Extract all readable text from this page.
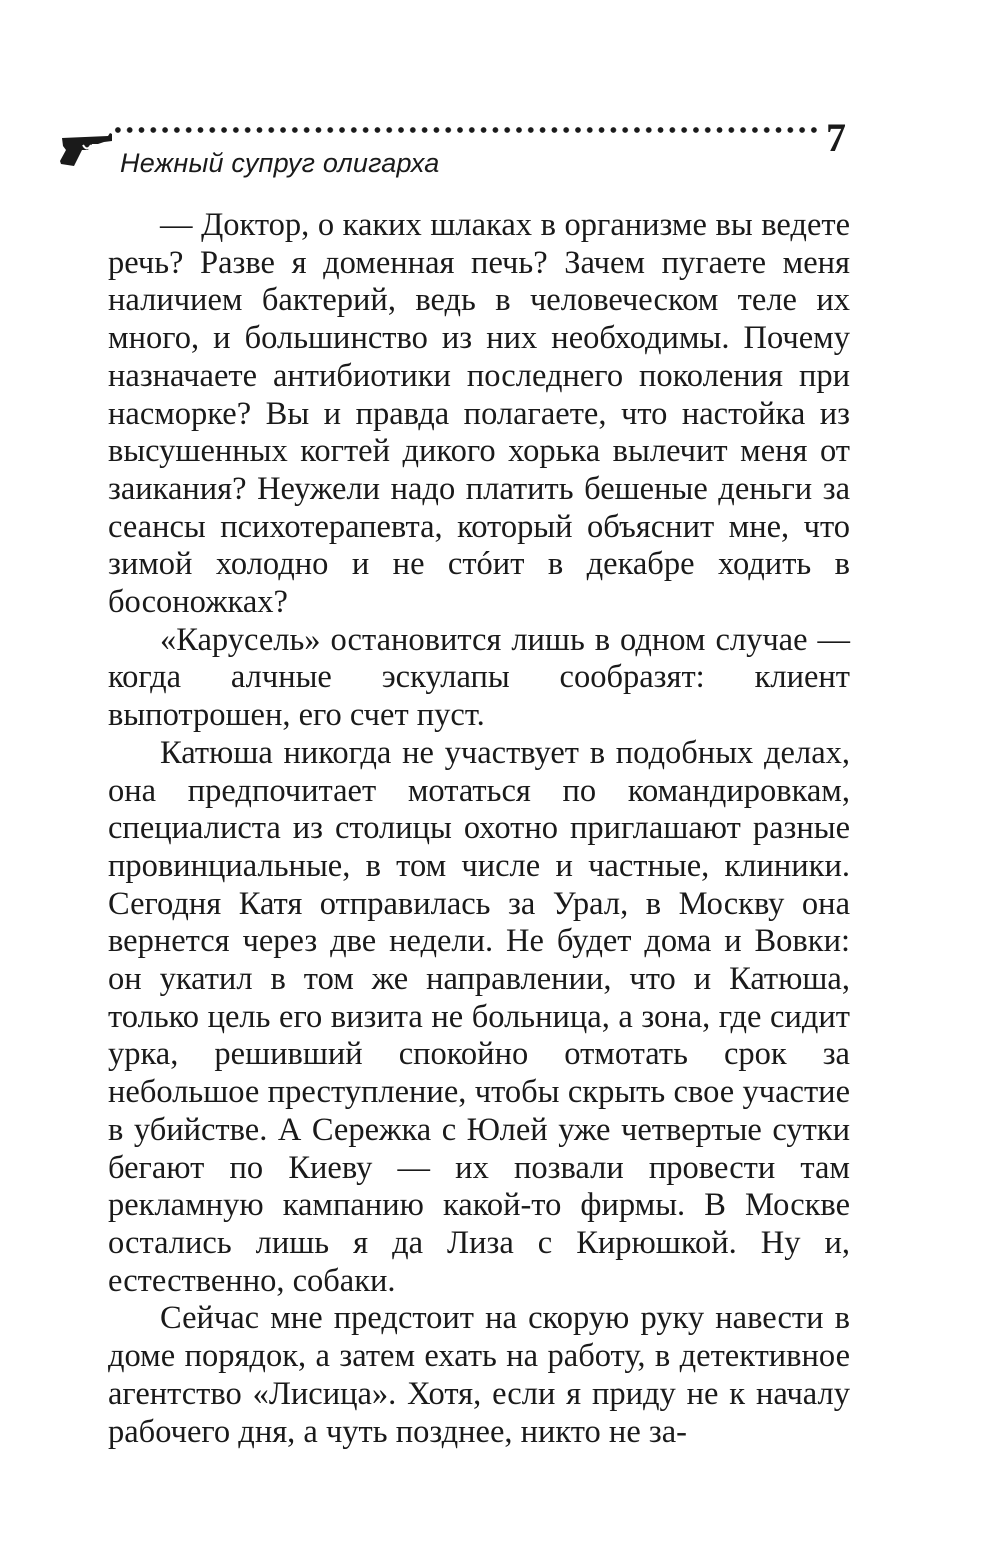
Нежный супруг олигарха
7

— Доктор, о каких шлаках в организме вы ведете речь? Разве я доменная печь? Зачем пугаете меня наличием бактерий, ведь в человеческом теле их много, и большинство из них необходимы. Почему назначаете антибиотики последнего поколения при насморке? Вы и правда полагаете, что настойка из высушенных когтей дикого хорька вылечит меня от заикания? Неужели надо платить бешеные деньги за сеансы психотерапевта, который объяснит мне, что зимой холодно и не стóит в декабре ходить в босоножках?

«Карусель» остановится лишь в одном случае — когда алчные эскулапы сообразят: клиент выпотрошен, его счет пуст.

Катюша никогда не участвует в подобных делах, она предпочитает мотаться по командировкам, специалиста из столицы охотно приглашают разные провинциальные, в том числе и частные, клиники. Сегодня Катя отправилась за Урал, в Москву она вернется через две недели. Не будет дома и Вовки: он укатил в том же направлении, что и Катюша, только цель его визита не больница, а зона, где сидит урка, решивший спокойно отмотать срок за небольшое преступление, чтобы скрыть свое участие в убийстве. А Сережка с Юлей уже четвертые сутки бегают по Киеву — их позвали провести там рекламную кампанию какой-то фирмы. В Москве остались лишь я да Лиза с Кирюшкой. Ну и, естественно, собаки.

Сейчас мне предстоит на скорую руку навести в доме порядок, а затем ехать на работу, в детективное агентство «Лисица». Хотя, если я приду не к началу рабочего дня, а чуть позднее, никто не за-
